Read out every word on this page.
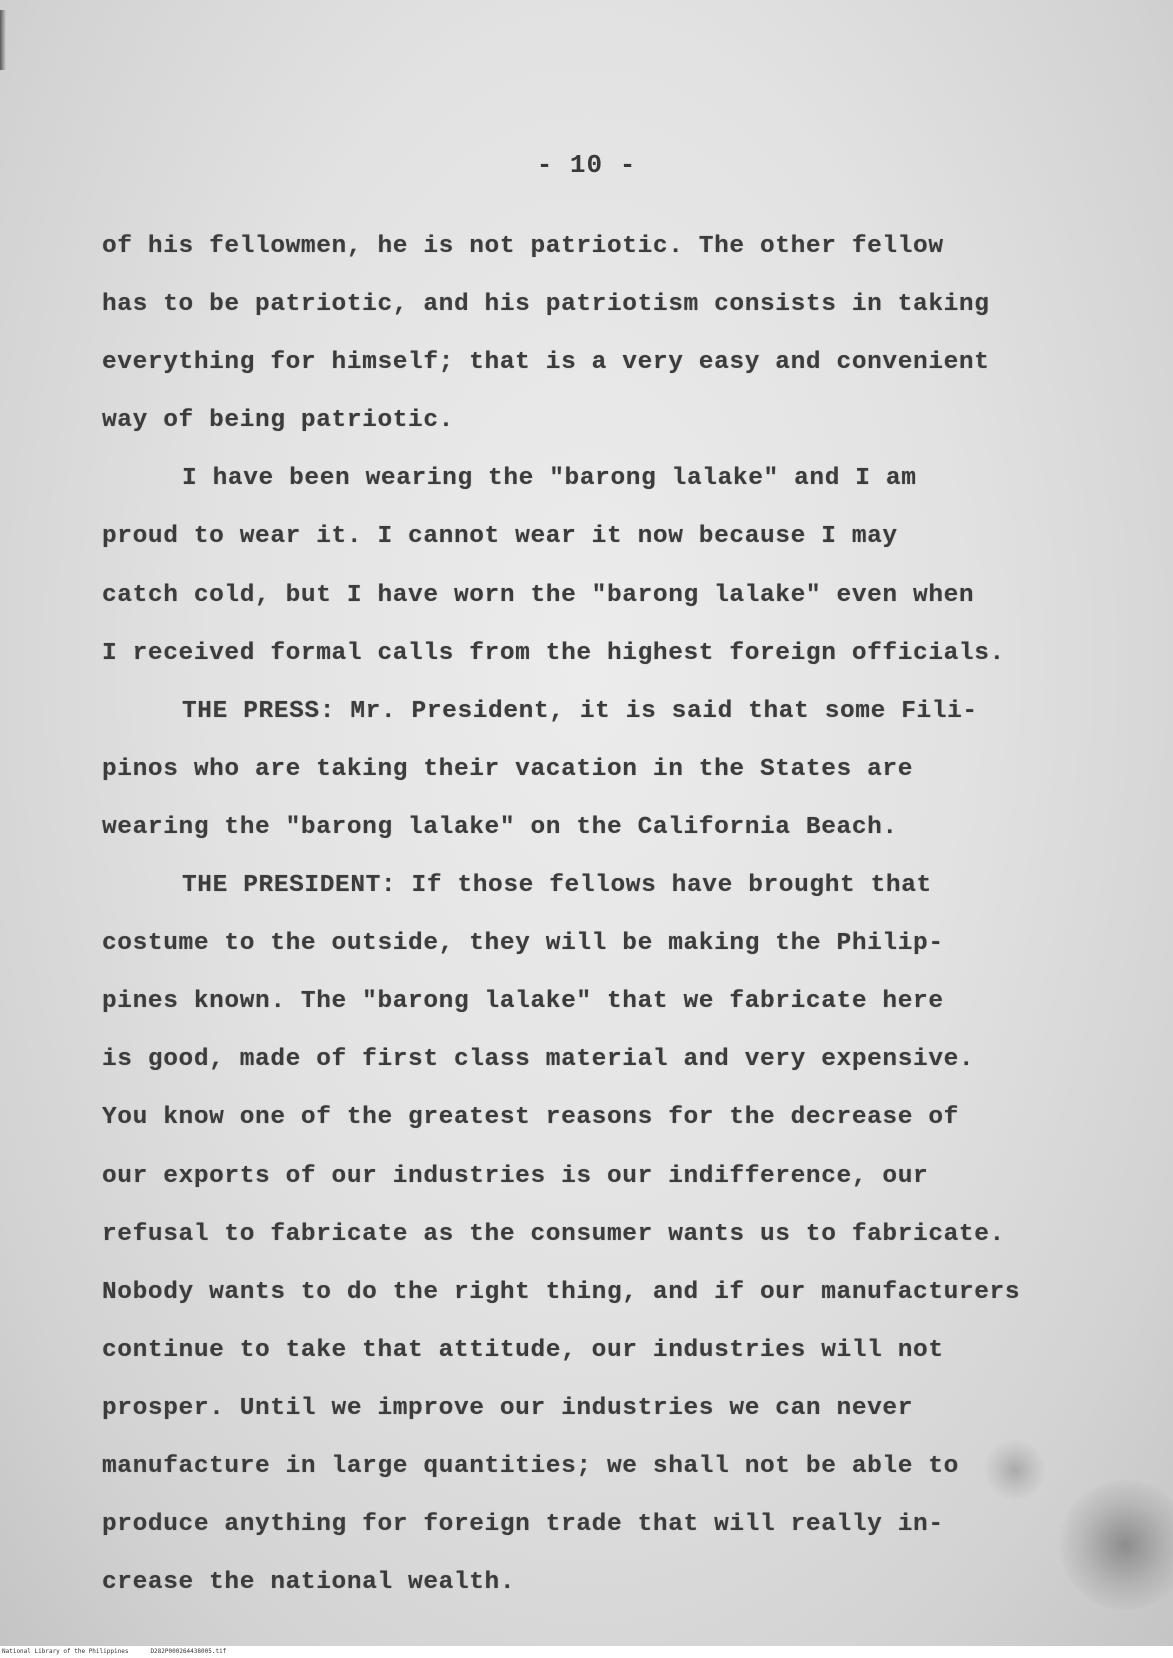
- 10 -
of his fellowmen, he is not patriotic. The other fellow
has to be patriotic, and his patriotism consists in taking
everything for himself; that is a very easy and convenient
way of being patriotic.
I have been wearing the "barong lalake" and I am
proud to wear it. I cannot wear it now because I may
catch cold, but I have worn the "barong lalake" even when
I received formal calls from the highest foreign officials.
THE PRESS: Mr. President, it is said that some Fili-
pinos who are taking their vacation in the States are
wearing the "barong lalake" on the California Beach.
THE PRESIDENT: If those fellows have brought that
costume to the outside, they will be making the Philip-
pines known. The "barong lalake" that we fabricate here
is good, made of first class material and very expensive.
You know one of the greatest reasons for the decrease of
our exports of our industries is our indifference, our
refusal to fabricate as the consumer wants us to fabricate.
Nobody wants to do the right thing, and if our manufacturers
continue to take that attitude, our industries will not
prosper. Until we improve our industries we can never
manufacture in large quantities; we shall not be able to
produce anything for foreign trade that will really in-
crease the national wealth.
National Library of the Philippines	D282P000264438005.tif
